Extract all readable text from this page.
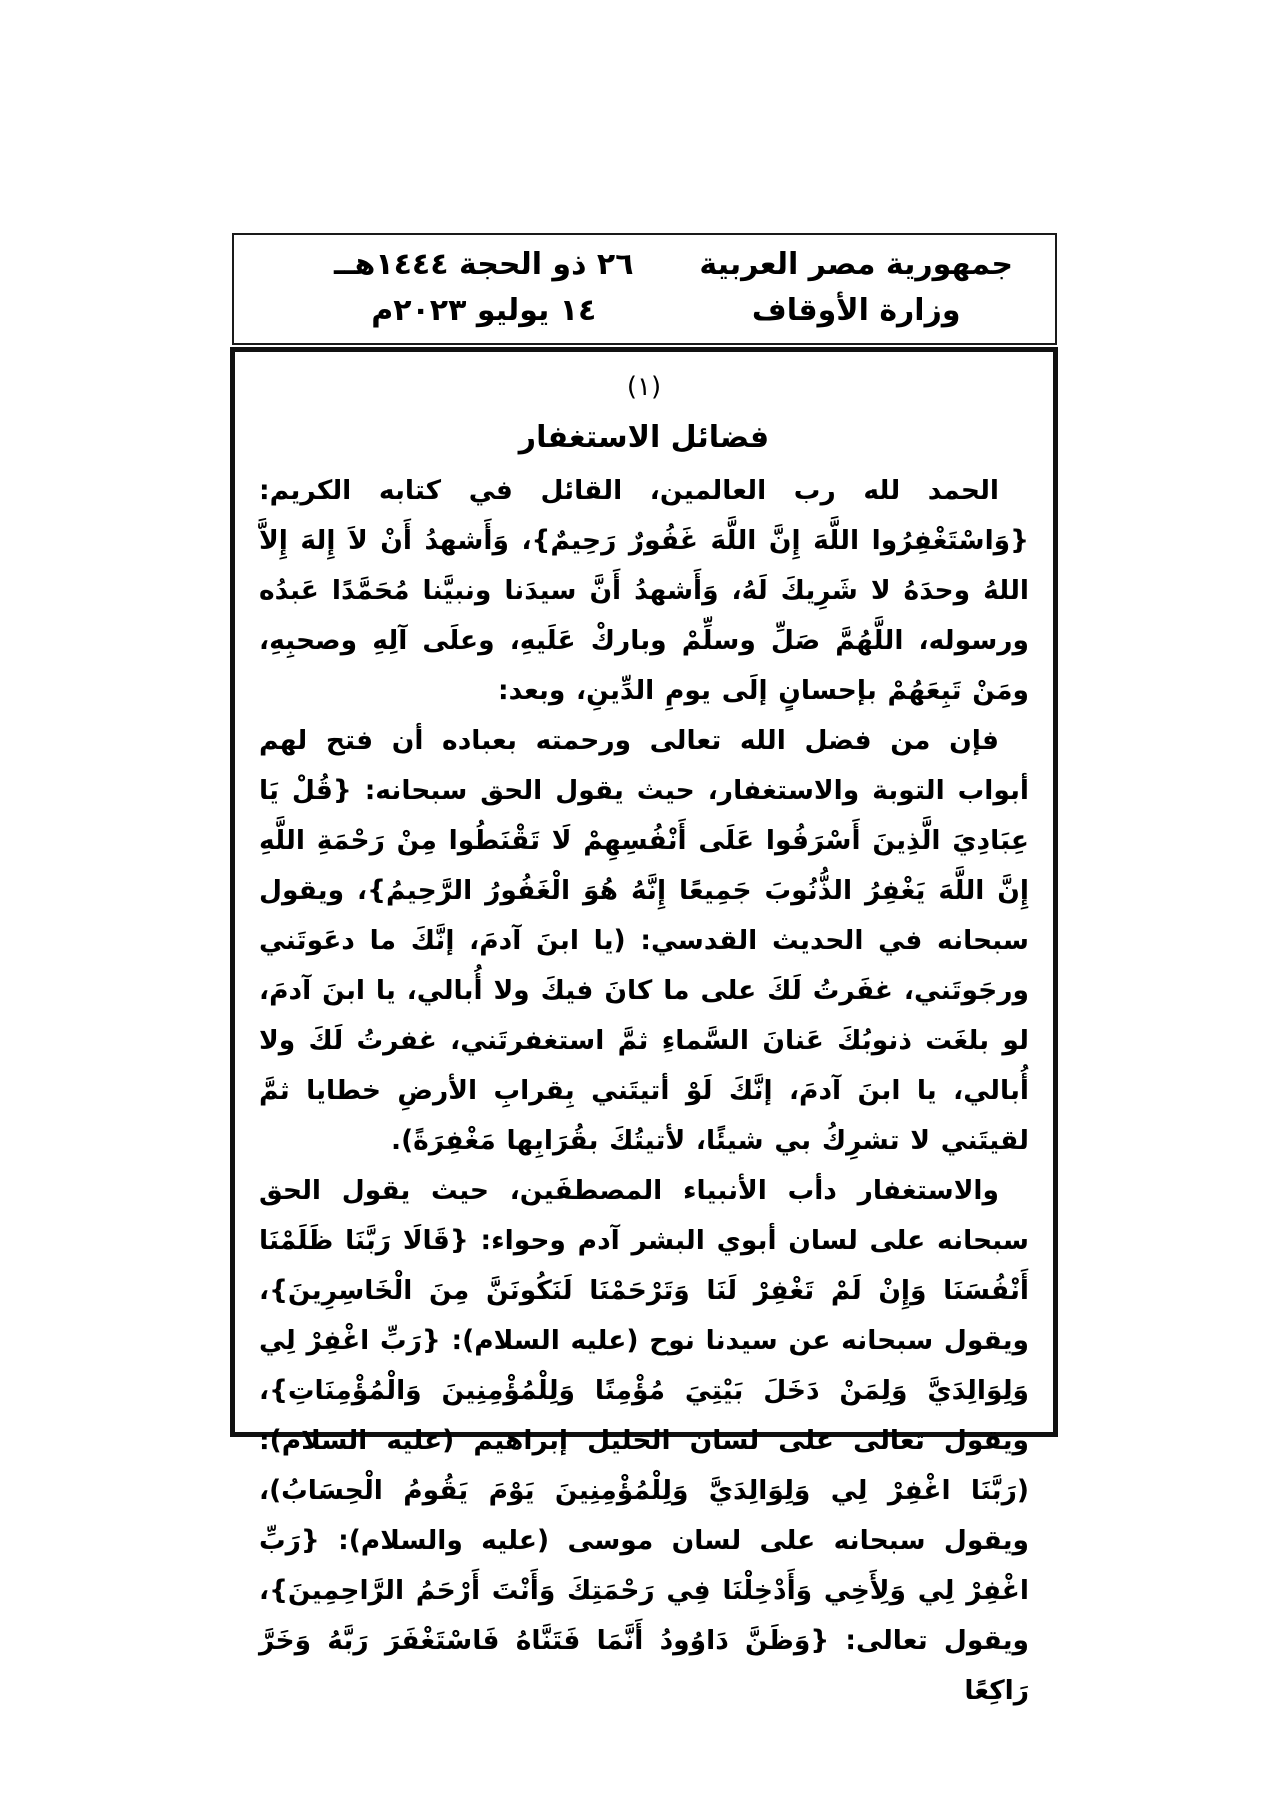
جمهورية مصر العربية
وزارة الأوقاف
٢٦ ذو الحجة ١٤٤٤هــ
١٤ يوليو ٢٠٢٣م
(١)
فضائل الاستغفار

الحمد لله رب العالمين، القائل في كتابه الكريم: {وَاسْتَغْفِرُوا اللَّهَ إِنَّ اللَّهَ غَفُورٌ رَحِيمٌ}، وَأَشهدُ أَنْ لاَ إِلهَ إِلاَّ اللهُ وحدَهُ لا شَرِيكَ لَهُ، وَأَشهدُ أَنَّ سيدَنا ونبيَّنا مُحَمَّدًا عَبدُه ورسوله، اللَّهُمَّ صَلِّ وسلِّمْ وباركْ عَلَيهِ، وعلَى آلِهِ وصحبِهِ، ومَنْ تَبِعَهُمْ بإحسانٍ إلَى يومِ الدِّينِ، وبعد:

فإن من فضل الله تعالى ورحمته بعباده أن فتح لهم أبواب التوبة والاستغفار، حيث يقول الحق سبحانه: {قُلْ يَا عِبَادِيَ الَّذِينَ أَسْرَفُوا عَلَى أَنْفُسِهِمْ لَا تَقْنَطُوا مِنْ رَحْمَةِ اللَّهِ إِنَّ اللَّهَ يَغْفِرُ الذُّنُوبَ جَمِيعًا إِنَّهُ هُوَ الْغَفُورُ الرَّحِيمُ}، ويقول سبحانه في الحديث القدسي: (يا ابنَ آدمَ، إنَّكَ ما دعَوتَني ورجَوتَني، غفَرتُ لَكَ على ما كانَ فيكَ ولا أُبالي، يا ابنَ آدمَ، لو بلغَت ذنوبُكَ عَنانَ السَّماءِ ثمَّ استغفرتَني، غفرتُ لَكَ ولا أُبالي، يا ابنَ آدمَ، إنَّكَ لَوْ أتيتَني بِقرابِ الأرضِ خطايا ثمَّ لقيتَني لا تشرِكُ بي شيئًا، لأتيتُكَ بقُرَابِها مَغْفِرَةً).

والاستغفار دأب الأنبياء المصطفَين، حيث يقول الحق سبحانه على لسان أبوي البشر آدم وحواء: {قَالَا رَبَّنَا ظَلَمْنَا أَنْفُسَنَا وَإِنْ لَمْ تَغْفِرْ لَنَا وَتَرْحَمْنَا لَنَكُونَنَّ مِنَ الْخَاسِرِينَ}، ويقول سبحانه عن سيدنا نوح (عليه السلام): {رَبِّ اغْفِرْ لِي وَلِوَالِدَيَّ وَلِمَنْ دَخَلَ بَيْتِيَ مُؤْمِنًا وَلِلْمُؤْمِنِينَ وَالْمُؤْمِنَاتِ}، ويقول تعالى على لسان الخليل إبراهيم (عليه السلام): (رَبَّنَا اغْفِرْ لِي وَلِوَالِدَيَّ وَلِلْمُؤْمِنِينَ يَوْمَ يَقُومُ الْحِسَابُ)، ويقول سبحانه على لسان موسى (عليه والسلام): {رَبِّ اغْفِرْ لِي وَلِأَخِي وَأَدْخِلْنَا فِي رَحْمَتِكَ وَأَنْتَ أَرْحَمُ الرَّاحِمِينَ}، ويقول تعالى: {وَظَنَّ دَاوُودُ أَنَّمَا فَتَنَّاهُ فَاسْتَغْفَرَ رَبَّهُ وَخَرَّ رَاكِعًا
